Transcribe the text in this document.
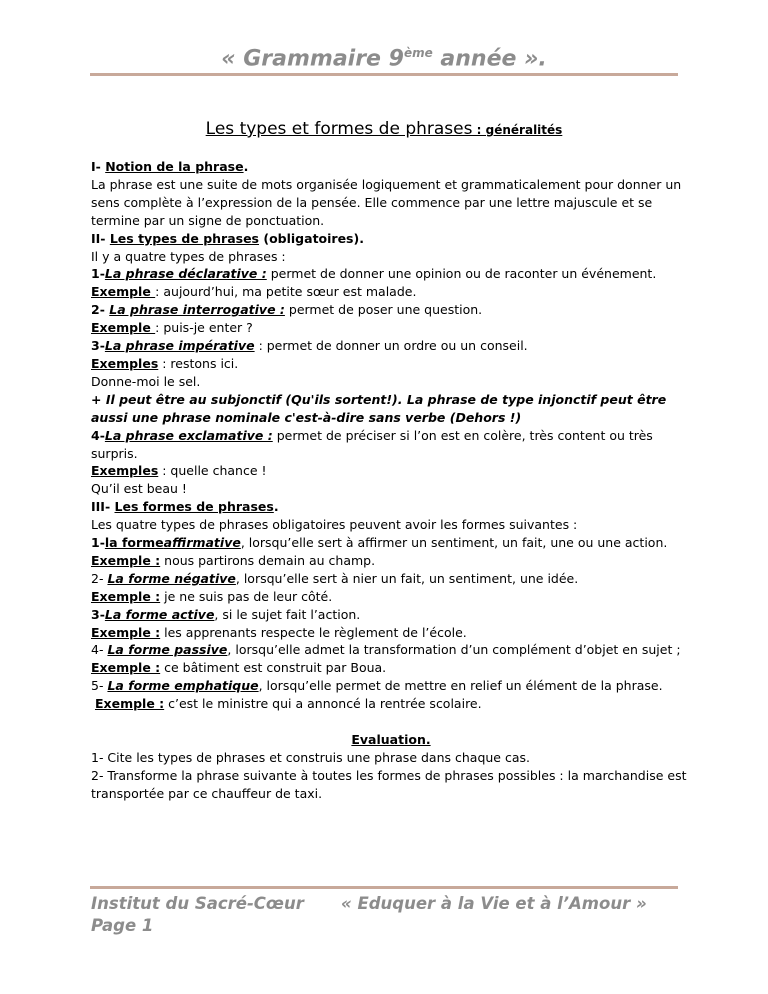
« Grammaire 9ème année ».
Les types et formes de phrases : généralités

I- Notion de la phrase.

La phrase est une suite de mots organisée logiquement et grammaticalement pour donner un sens complète à l’expression de la pensée. Elle commence par une lettre majuscule et se termine par un signe de ponctuation.

II- Les types de phrases (obligatoires).

Il y a quatre types de phrases :

1-La phrase déclarative : permet de donner une opinion ou de raconter un événement.

Exemple : aujourd’hui, ma petite sœur est malade.

2- La phrase interrogative : permet de poser une question.

Exemple : puis-je enter ?

3-La phrase impérative : permet de donner un ordre ou un conseil.

Exemples : restons ici.

Donne-moi le sel.

+ Il peut être au subjonctif (Qu'ils sortent!). La phrase de type injonctif peut être aussi une phrase nominale c'est-à-dire sans verbe (Dehors !)

4-La phrase exclamative : permet de préciser si l’on est en colère, très content ou très surpris.

Exemples : quelle chance !

Qu’il est beau !

III- Les formes de phrases.

Les quatre types de phrases obligatoires peuvent avoir les formes suivantes :

1-la formeaffirmative, lorsqu’elle sert à affirmer un sentiment, un fait, une ou une action.

Exemple : nous partirons demain au champ.

2- La forme négative, lorsqu’elle sert à nier un fait, un sentiment, une idée.

Exemple : je ne suis pas de leur côté.

3-La forme active, si le sujet fait l’action.

Exemple : les apprenants respecte le règlement de l’école.

4- La forme passive, lorsqu’elle admet la transformation d’un complément d’objet en sujet ;

Exemple : ce bâtiment est construit par Boua.

5- La forme emphatique, lorsqu’elle permet de mettre en relief un élément de la phrase.

Exemple : c’est le ministre qui a annoncé la rentrée scolaire.

Evaluation.

1- Cite les types de phrases et construis une phrase dans chaque cas.

2- Transforme la phrase suivante à toutes les formes de phrases possibles : la marchandise est transportée par ce chauffeur de taxi.

Institut du Sacré-Cœur	« Eduquer à la Vie et à l’Amour »
Page 1
